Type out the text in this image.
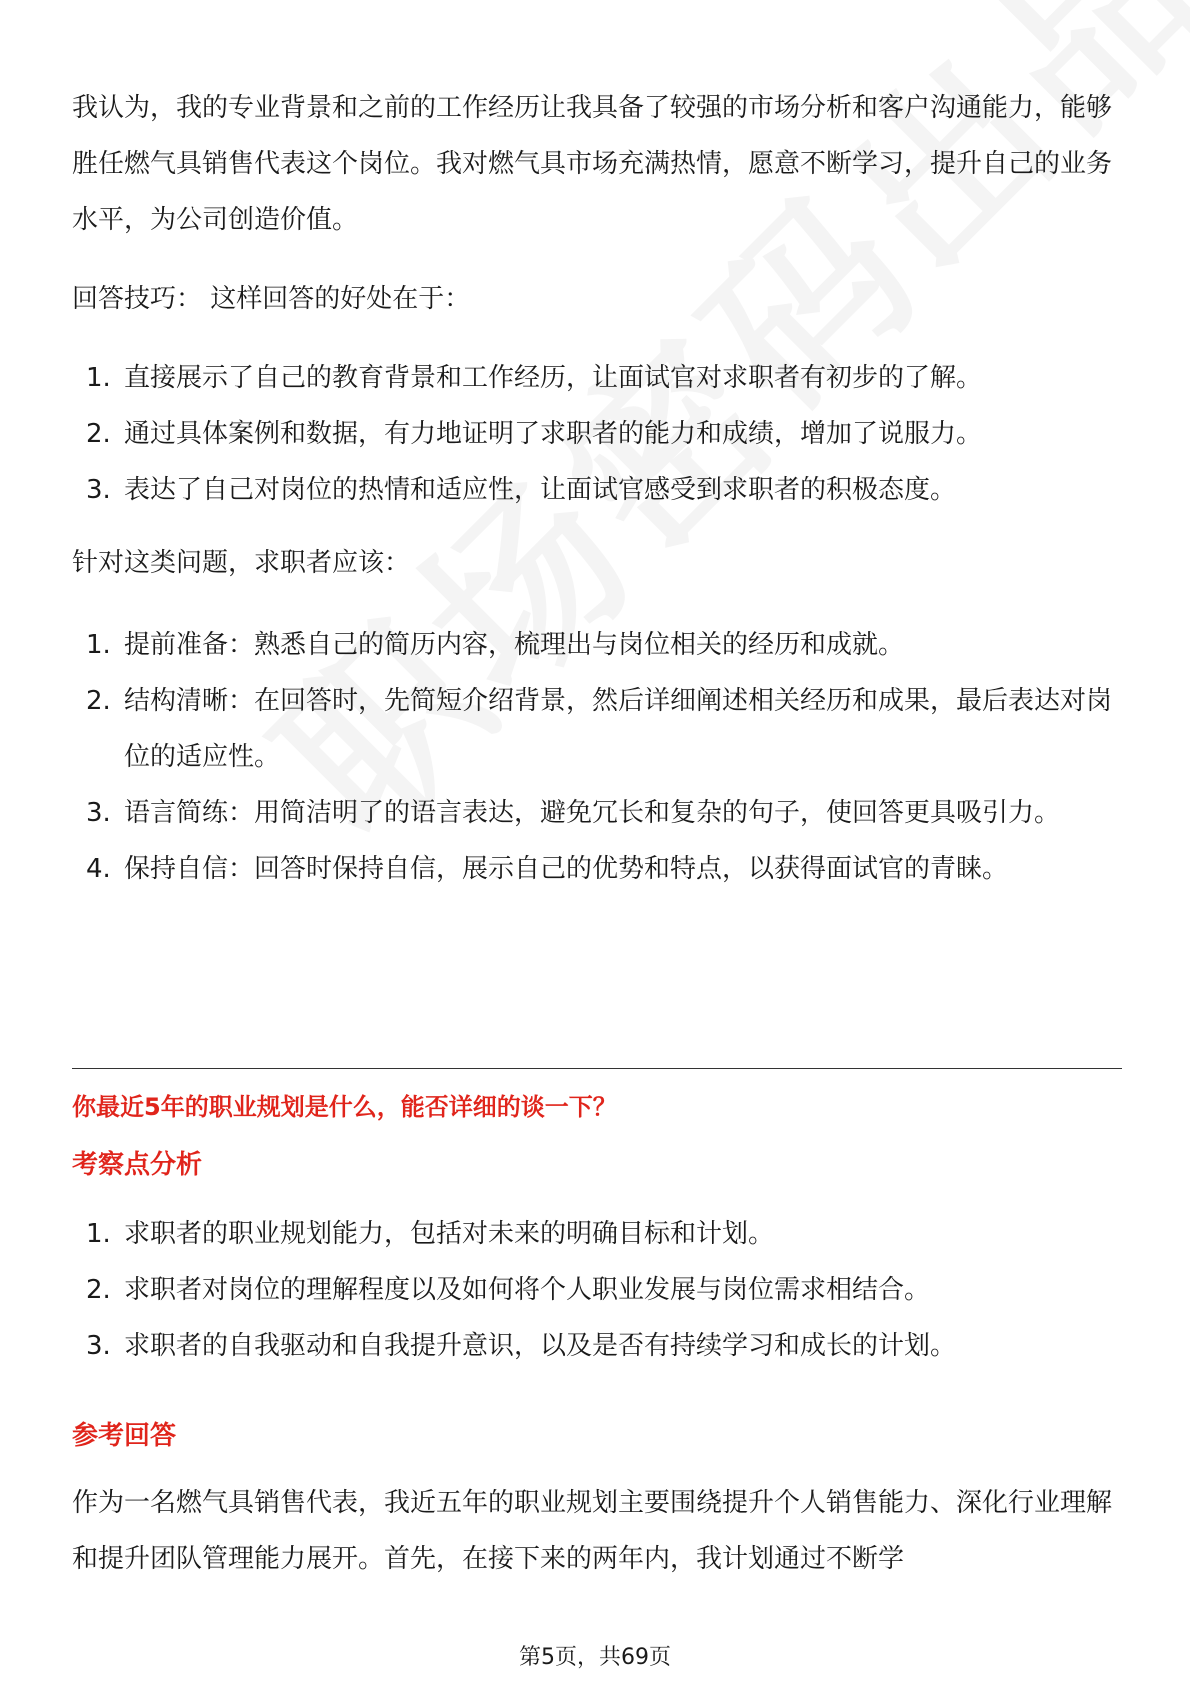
我认为，我的专业背景和之前的工作经历让我具备了较强的市场分析和客户沟通能力，能够胜任燃气具销售代表这个岗位。我对燃气具市场充满热情，愿意不断学习，提升自己的业务水平，为公司创造价值。

回答技巧： 这样回答的好处在于：

1. 直接展示了自己的教育背景和工作经历，让面试官对求职者有初步的了解。
2. 通过具体案例和数据，有力地证明了求职者的能力和成绩，增加了说服力。
3. 表达了自己对岗位的热情和适应性，让面试官感受到求职者的积极态度。

针对这类问题，求职者应该：

1. 提前准备：熟悉自己的简历内容，梳理出与岗位相关的经历和成就。
2. 结构清晰：在回答时，先简短介绍背景，然后详细阐述相关经历和成果，最后表达对岗位的适应性。
3. 语言简练：用简洁明了的语言表达，避免冗长和复杂的句子，使回答更具吸引力。
4. 保持自信：回答时保持自信，展示自己的优势和特点，以获得面试官的青睐。

你最近5年的职业规划是什么，能否详细的谈一下？

考察点分析

1. 求职者的职业规划能力，包括对未来的明确目标和计划。
2. 求职者对岗位的理解程度以及如何将个人职业发展与岗位需求相结合。
3. 求职者的自我驱动和自我提升意识，以及是否有持续学习和成长的计划。

参考回答

作为一名燃气具销售代表，我近五年的职业规划主要围绕提升个人销售能力、深化行业理解和提升团队管理能力展开。首先，在接下来的两年内，我计划通过不断学

第5页，共69页
